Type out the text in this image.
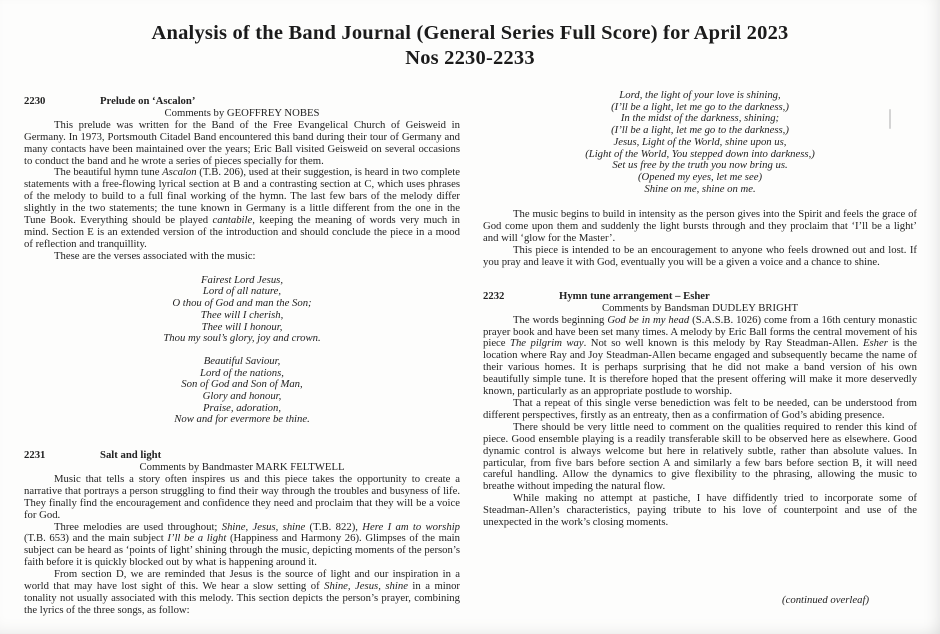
Analysis of the Band Journal (General Series Full Score) for April 2023
Nos 2230-2233
2230	Prelude on ‘Ascalon’
Comments by GEOFFREY NOBES

This prelude was written for the Band of the Free Evangelical Church of Geisweid in Germany. In 1973, Portsmouth Citadel Band encountered this band during their tour of Germany and many contacts have been maintained over the years; Eric Ball visited Geisweid on several occasions to conduct the band and he wrote a series of pieces specially for them.

The beautiful hymn tune Ascalon (T.B. 206), used at their suggestion, is heard in two complete statements with a free-flowing lyrical section at B and a contrasting section at C, which uses phrases of the melody to build to a full final working of the hymn. The last few bars of the melody differ slightly in the two statements; the tune known in Germany is a little different from the one in the Tune Book. Everything should be played cantabile, keeping the meaning of words very much in mind. Section E is an extended version of the introduction and should conclude the piece in a mood of reflection and tranquillity.

These are the verses associated with the music:

Fairest Lord Jesus,
Lord of all nature,
O thou of God and man the Son;
Thee will I cherish,
Thee will I honour,
Thou my soul’s glory, joy and crown.
Beautiful Saviour,
Lord of the nations,
Son of God and Son of Man,
Glory and honour,
Praise, adoration,
Now and for evermore be thine.
2231	Salt and light
Comments by Bandmaster MARK FELTWELL

Music that tells a story often inspires us and this piece takes the opportunity to create a narrative that portrays a person struggling to find their way through the troubles and busyness of life. They finally find the encouragement and confidence they need and proclaim that they will be a voice for God.

Three melodies are used throughout; Shine, Jesus, shine (T.B. 822), Here I am to worship (T.B. 653) and the main subject I’ll be a light (Happiness and Harmony 26). Glimpses of the main subject can be heard as ‘points of light’ shining through the music, depicting moments of the person’s faith before it is quickly blocked out by what is happening around it.

From section D, we are reminded that Jesus is the source of light and our inspiration in a world that may have lost sight of this. We hear a slow setting of Shine, Jesus, shine in a minor tonality not usually associated with this melody. This section depicts the person’s prayer, combining the lyrics of the three songs, as follow:

Lord, the light of your love is shining,
(I’ll be a light, let me go to the darkness,)
In the midst of the darkness, shining;
(I’ll be a light, let me go to the darkness,)
Jesus, Light of the World, shine upon us,
(Light of the World, You stepped down into darkness,)
Set us free by the truth you now bring us.
(Opened my eyes, let me see)
Shine on me, shine on me.

The music begins to build in intensity as the person gives into the Spirit and feels the grace of God come upon them and suddenly the light bursts through and they proclaim that ‘I’ll be a light’ and will ‘glow for the Master’.

This piece is intended to be an encouragement to anyone who feels drowned out and lost. If you pray and leave it with God, eventually you will be a given a voice and a chance to shine.

2232	Hymn tune arrangement – Esher
Comments by Bandsman DUDLEY BRIGHT

The words beginning God be in my head (S.A.S.B. 1026) come from a 16th century monastic prayer book and have been set many times. A melody by Eric Ball forms the central movement of his piece The pilgrim way. Not so well known is this melody by Ray Steadman-Allen. Esher is the location where Ray and Joy Steadman-Allen became engaged and subsequently became the name of their various homes. It is perhaps surprising that he did not make a band version of his own beautifully simple tune. It is therefore hoped that the present offering will make it more deservedly known, particularly as an appropriate postlude to worship.

That a repeat of this single verse benediction was felt to be needed, can be understood from different perspectives, firstly as an entreaty, then as a confirmation of God’s abiding presence.

There should be very little need to comment on the qualities required to render this kind of piece. Good ensemble playing is a readily transferable skill to be observed here as elsewhere. Good dynamic control is always welcome but here in relatively subtle, rather than absolute values. In particular, from five bars before section A and similarly a few bars before section B, it will need careful handling. Allow the dynamics to give flexibility to the phrasing, allowing the music to breathe without impeding the natural flow.

While making no attempt at pastiche, I have diffidently tried to incorporate some of Steadman-Allen’s characteristics, paying tribute to his love of counterpoint and use of the unexpected in the work’s closing moments.

(continued overleaf)
